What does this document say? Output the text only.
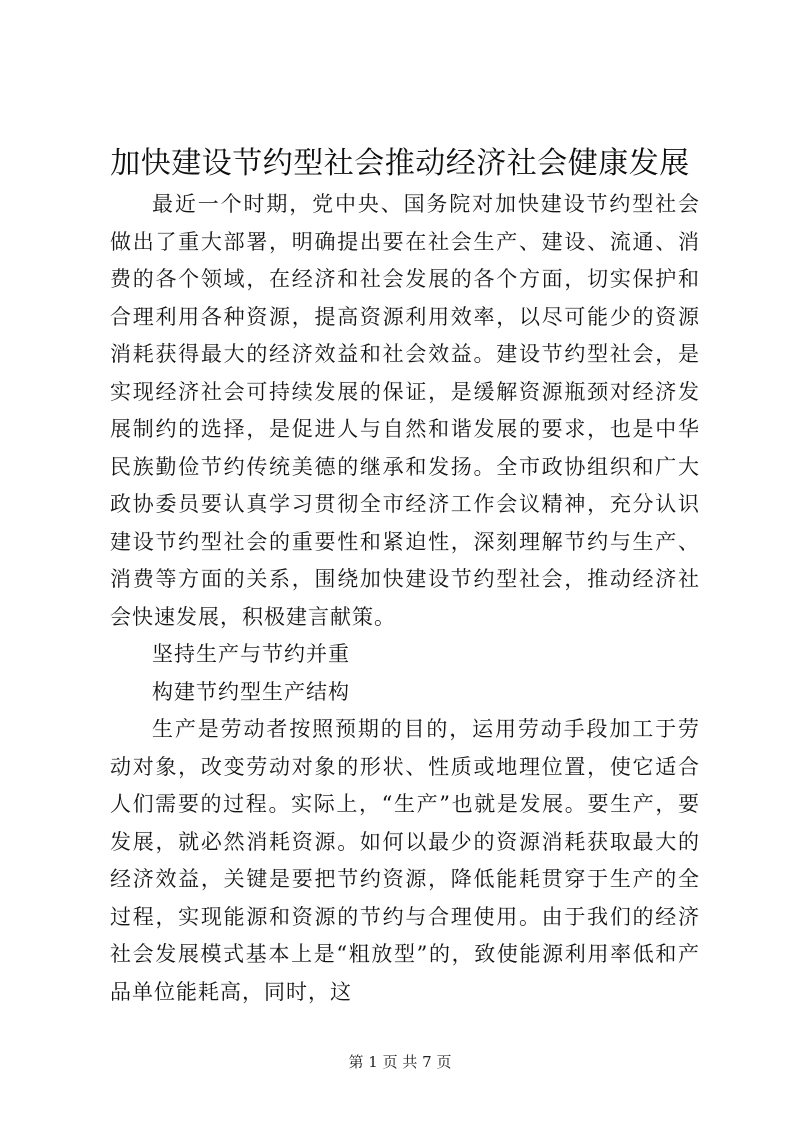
加快建设节约型社会推动经济社会健康发展

最近一个时期，党中央、国务院对加快建设节约型社会做出了重大部署，明确提出要在社会生产、建设、流通、消费的各个领域，在经济和社会发展的各个方面，切实保护和合理利用各种资源，提高资源利用效率，以尽可能少的资源消耗获得最大的经济效益和社会效益。建设节约型社会，是实现经济社会可持续发展的保证，是缓解资源瓶颈对经济发展制约的选择，是促进人与自然和谐发展的要求，也是中华民族勤俭节约传统美德的继承和发扬。全市政协组织和广大政协委员要认真学习贯彻全市经济工作会议精神，充分认识建设节约型社会的重要性和紧迫性，深刻理解节约与生产、消费等方面的关系，围绕加快建设节约型社会，推动经济社会快速发展，积极建言献策。

坚持生产与节约并重

构建节约型生产结构

生产是劳动者按照预期的目的，运用劳动手段加工于劳动对象，改变劳动对象的形状、性质或地理位置，使它适合人们需要的过程。实际上，“生产”也就是发展。要生产，要发展，就必然消耗资源。如何以最少的资源消耗获取最大的经济效益，关键是要把节约资源，降低能耗贯穿于生产的全过程，实现能源和资源的节约与合理使用。由于我们的经济社会发展模式基本上是“粗放型”的，致使能源利用率低和产品单位能耗高，同时，这

第 1 页 共 7 页
